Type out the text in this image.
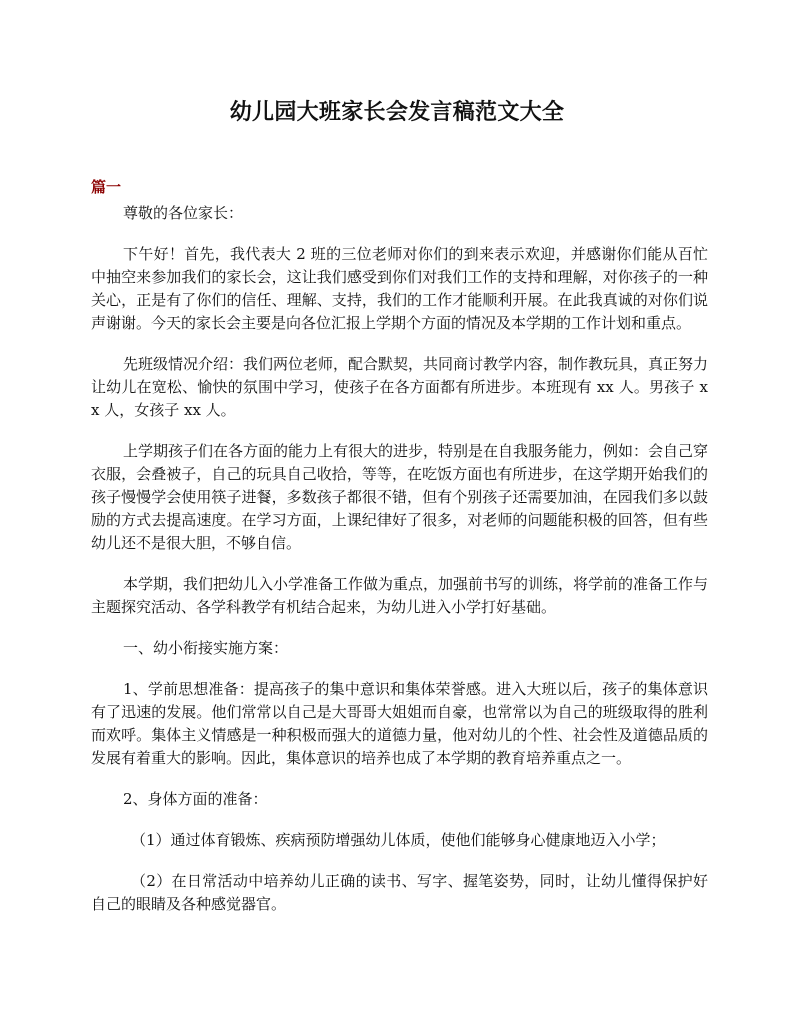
幼儿园大班家长会发言稿范文大全
篇一

尊敬的各位家长：

下午好！首先，我代表大 2 班的三位老师对你们的到来表示欢迎，并感谢你们能从百忙中抽空来参加我们的家长会，这让我们感受到你们对我们工作的支持和理解，对你孩子的一种关心，正是有了你们的信任、理解、支持，我们的工作才能顺利开展。在此我真诚的对你们说声谢谢。今天的家长会主要是向各位汇报上学期个方面的情况及本学期的工作计划和重点。

先班级情况介绍：我们两位老师，配合默契，共同商讨教学内容，制作教玩具，真正努力让幼儿在宽松、愉快的氛围中学习，使孩子在各方面都有所进步。本班现有 xx 人。男孩子 xx 人，女孩子 xx 人。

上学期孩子们在各方面的能力上有很大的进步，特别是在自我服务能力，例如：会自己穿衣服，会叠被子，自己的玩具自己收拾，等等，在吃饭方面也有所进步，在这学期开始我们的孩子慢慢学会使用筷子进餐，多数孩子都很不错，但有个别孩子还需要加油，在园我们多以鼓励的方式去提高速度。在学习方面，上课纪律好了很多，对老师的问题能积极的回答，但有些幼儿还不是很大胆，不够自信。

本学期，我们把幼儿入小学准备工作做为重点，加强前书写的训练，将学前的准备工作与主题探究活动、各学科教学有机结合起来，为幼儿进入小学打好基础。

一、幼小衔接实施方案：

1、学前思想准备：提高孩子的集中意识和集体荣誉感。进入大班以后，孩子的集体意识有了迅速的发展。他们常常以自己是大哥哥大姐姐而自豪，也常常以为自己的班级取得的胜利而欢呼。集体主义情感是一种积极而强大的道德力量，他对幼儿的个性、社会性及道德品质的发展有着重大的影响。因此，集体意识的培养也成了本学期的教育培养重点之一。

2、身体方面的准备：

（1）通过体育锻炼、疾病预防增强幼儿体质，使他们能够身心健康地迈入小学；

（2）在日常活动中培养幼儿正确的读书、写字、握笔姿势，同时，让幼儿懂得保护好自己的眼睛及各种感觉器官。
